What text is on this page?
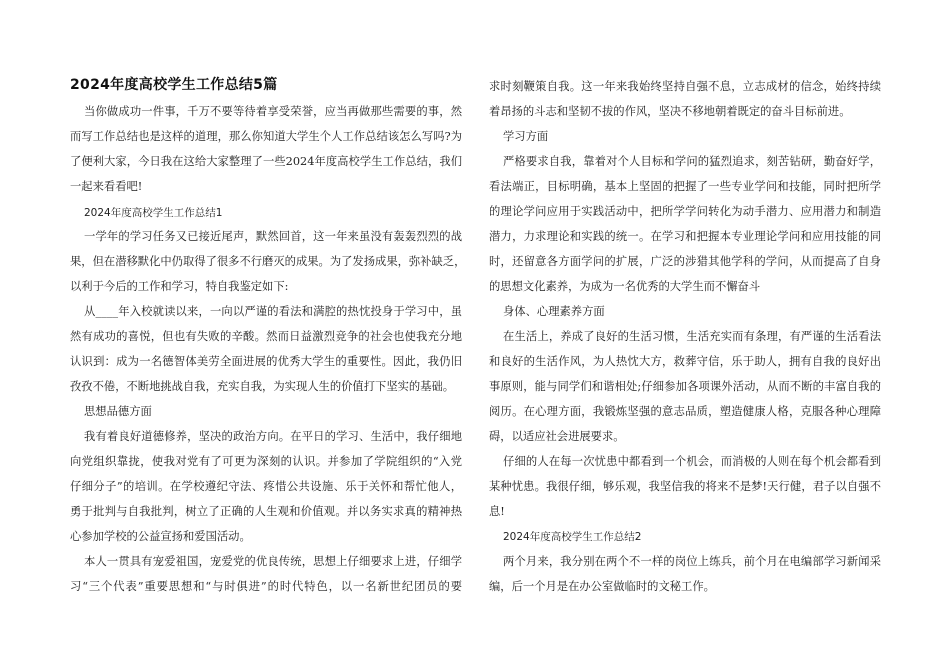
2024年度高校学生工作总结5篇
当你做成功一件事，千万不要等待着享受荣誉，应当再做那些需要的事，然
而写工作总结也是这样的道理，那么你知道大学生个人工作总结该怎么写吗?为
了便利大家，今日我在这给大家整理了一些2024年度高校学生工作总结，我们
一起来看看吧!
2024年度高校学生工作总结1
一学年的学习任务又已接近尾声，默然回首，这一年来虽没有轰轰烈烈的战
果，但在潜移默化中仍取得了很多不行磨灭的成果。为了发扬成果，弥补缺乏，
以利于今后的工作和学习，特自我鉴定如下:
从____年入校就读以来，一向以严谨的看法和满腔的热忱投身于学习中，虽
然有成功的喜悦，但也有失败的辛酸。然而日益激烈竞争的社会也使我充分地
认识到：成为一名德智体美劳全面进展的优秀大学生的重要性。因此，我仍旧
孜孜不倦，不断地挑战自我，充实自我，为实现人生的价值打下坚实的基础。
思想品德方面
我有着良好道德修养，坚决的政治方向。在平日的学习、生活中，我仔细地
向党组织靠拢，使我对党有了可更为深刻的认识。并参加了学院组织的“入党
仔细分子”的培训。在学校遵纪守法、疼惜公共设施、乐于关怀和帮忙他人，
勇于批判与自我批判，树立了正确的人生观和价值观。并以务实求真的精神热
心参加学校的公益宣扬和爱国活动。
本人一贯具有宠爱祖国，宠爱党的优良传统，思想上仔细要求上进，仔细学
习“三个代表”重要思想和“与时俱进”的时代特色，以一名新世纪团员的要
求时刻鞭策自我。这一年来我始终坚持自强不息，立志成材的信念，始终持续
着昂扬的斗志和坚韧不拔的作风，坚决不移地朝着既定的奋斗目标前进。
学习方面
严格要求自我，靠着对个人目标和学问的猛烈追求，刻苦钻研，勤奋好学，
看法端正，目标明确，基本上坚固的把握了一些专业学问和技能，同时把所学
的理论学问应用于实践活动中，把所学学问转化为动手潜力、应用潜力和制造
潜力，力求理论和实践的统一。在学习和把握本专业理论学问和应用技能的同
时，还留意各方面学问的扩展，广泛的涉猎其他学科的学问，从而提高了自身
的思想文化素养，为成为一名优秀的大学生而不懈奋斗
身体、心理素养方面
在生活上，养成了良好的生活习惯，生活充实而有条理，有严谨的生活看法
和良好的生活作风，为人热忱大方，救葬守信，乐于助人，拥有自我的良好出
事原则，能与同学们和谐相处;仔细参加各项课外活动，从而不断的丰富自我的
阅历。在心理方面，我锻炼坚强的意志品质，塑造健康人格，克服各种心理障
碍，以适应社会进展要求。
仔细的人在每一次忧患中都看到一个机会，而消极的人则在每个机会都看到
某种忧患。我很仔细，够乐观，我坚信我的将来不是梦!天行健，君子以自强不
息!
2024年度高校学生工作总结2
两个月来，我分别在两个不一样的岗位上练兵，前个月在电编部学习新闻采
编，后一个月是在办公室做临时的文秘工作。
